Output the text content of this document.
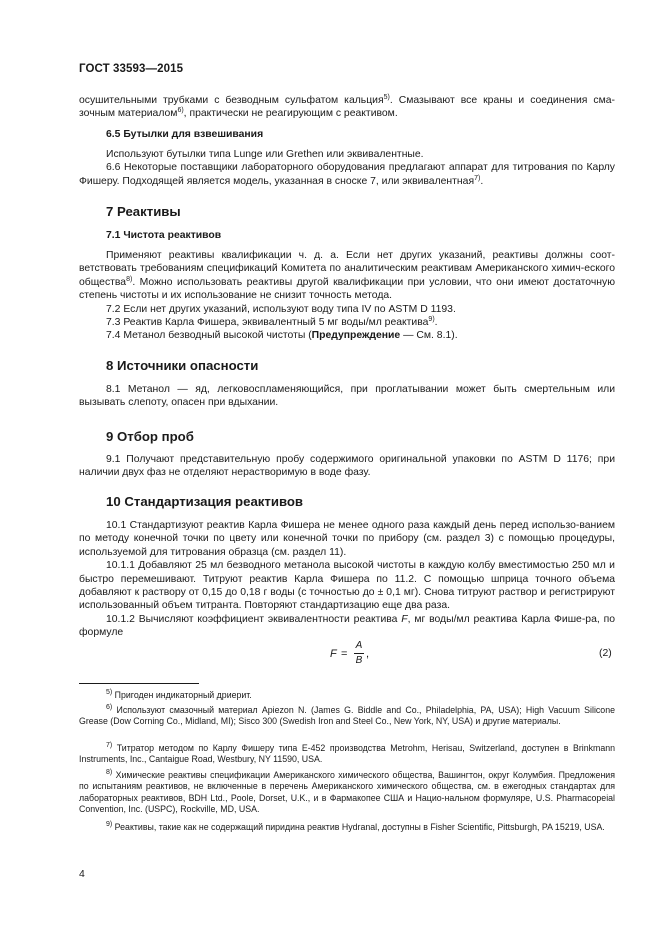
ГОСТ 33593—2015

осушительными трубками с безводным сульфатом кальция$^{5)}$. Смазывают все краны и соединения сма-зочным материалом$^{6)}$, практически не реагирующим с реактивом.

6.5 Бутылки для взвешивания

Используют бутылки типа Lunge или Grethen или эквивалентные.

6.6 Некоторые поставщики лабораторного оборудования предлагают аппарат для титрования по Карлу Фишеру. Подходящей является модель, указанная в сноске 7, или эквивалентная$^{7)}$.

7 Реактивы
7.1 Чистота реактивов

Применяют реактивы квалификации ч. д. а. Если нет других указаний, реактивы должны соот-ветствовать требованиям спецификаций Комитета по аналитическим реактивам Американского химич-еского общества$^{8)}$. Можно использовать реактивы другой квалификации при условии, что они имеют достаточную степень чистоты и их использование не снизит точность метода.

7.2 Если нет других указаний, используют воду типа IV по ASTM D 1193.

7.3 Реактив Карла Фишера, эквивалентный 5 мг воды/мл реактива$^{9)}$.

7.4 Метанол безводный высокой чистоты (Предупреждение — См. 8.1).

8 Источники опасности

8.1 Метанол — яд, легковоспламеняющийся, при проглатывании может быть смертельным или вызывать слепоту, опасен при вдыхании.

9 Отбор проб

9.1 Получают представительную пробу содержимого оригинальной упаковки по ASTM D 1176; при наличии двух фаз не отделяют нерастворимую в воде фазу.

10 Стандартизация реактивов

10.1 Стандартизуют реактив Карла Фишера не менее одного раза каждый день перед использо-ванием по методу конечной точки по цвету или конечной точки по прибору (см. раздел 3) с помощью процедуры, используемой для титрования образца (см. раздел 11).

10.1.1 Добавляют 25 мл безводного метанола высокой чистоты в каждую колбу вместимостью 250 мл и быстро перемешивают. Титруют реактив Карла Фишера по 11.2. С помощью шприца точного объема добавляют к раствору от 0,15 до 0,18 г воды (с точностью до ± 0,1 мг). Снова титруют раствор и регистрируют использованный объем титранта. Повторяют стандартизацию еще два раза.

10.1.2 Вычисляют коэффициент эквивалентности реактива F, мг воды/мл реактива Карла Фише-ра, по формуле

F =
A
B
,	(2)

$^{5)}$ Пригоден индикаторный дриерит.

$^{6)}$ Используют смазочный материал Apiezon N. (James G. Biddle and Co., Philadelphia, PA, USA); High Vacuum Silicone Grease (Dow Corning Co., Midland, MI); Sisco 300 (Swedish Iron and Steel Co., New York, NY, USA) и другие материалы.

$^{7)}$ Титратор методом по Карлу Фишеру типа E-452 производства Metrohm, Herisau, Switzerland, доступен в Brinkmann Instruments, Inc., Cantaigue Road, Westbury, NY 11590, USA.

$^{8)}$ Химические реактивы спецификации Американского химического общества, Вашингтон, округ Колумбия. Предложения по испытаниям реактивов, не включенные в перечень Американского химического общества, см. в ежегодных стандартах для лабораторных реактивов, BDH Ltd., Poole, Dorset, U.K., и в Фармакопее США и Нацио-нальном формуляре, U.S. Pharmacopeial Convention, Inc. (USPC), Rockville, MD, USA.

$^{9)}$ Реактивы, такие как не содержащий пиридина реактив Hydranal, доступны в Fisher Scientific, Pittsburgh, PA 15219, USA.

4
